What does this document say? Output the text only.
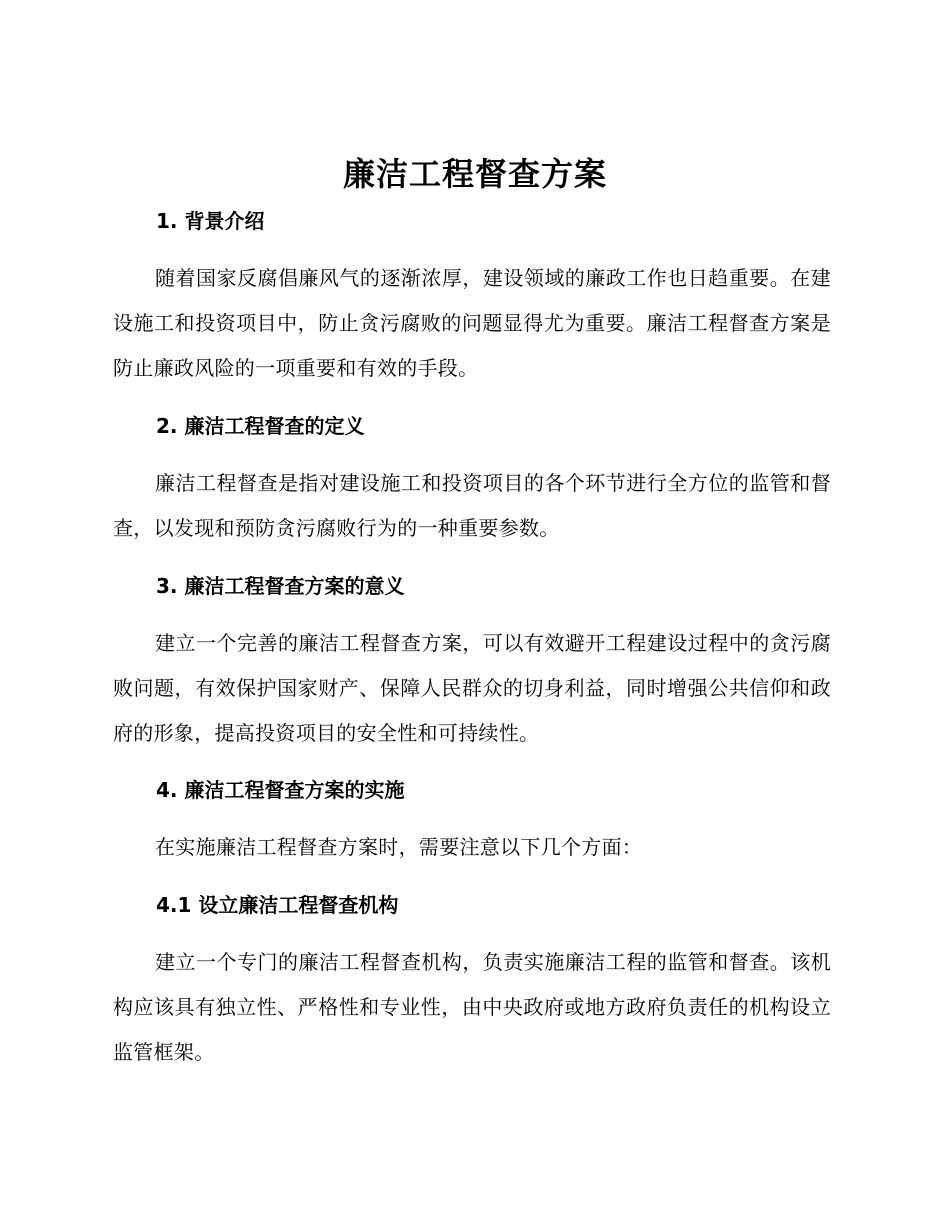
廉洁工程督查方案
1. 背景介绍

随着国家反腐倡廉风气的逐渐浓厚，建设领域的廉政工作也日趋重要。在建设施工和投资项目中，防止贪污腐败的问题显得尤为重要。廉洁工程督查方案是防止廉政风险的一项重要和有效的手段。

2. 廉洁工程督查的定义

廉洁工程督查是指对建设施工和投资项目的各个环节进行全方位的监管和督查，以发现和预防贪污腐败行为的一种重要参数。

3. 廉洁工程督查方案的意义

建立一个完善的廉洁工程督查方案，可以有效避开工程建设过程中的贪污腐败问题，有效保护国家财产、保障人民群众的切身利益，同时增强公共信仰和政府的形象，提高投资项目的安全性和可持续性。

4. 廉洁工程督查方案的实施

在实施廉洁工程督查方案时，需要注意以下几个方面：

4.1 设立廉洁工程督查机构

建立一个专门的廉洁工程督查机构，负责实施廉洁工程的监管和督查。该机构应该具有独立性、严格性和专业性，由中央政府或地方政府负责任的机构设立监管框架。
